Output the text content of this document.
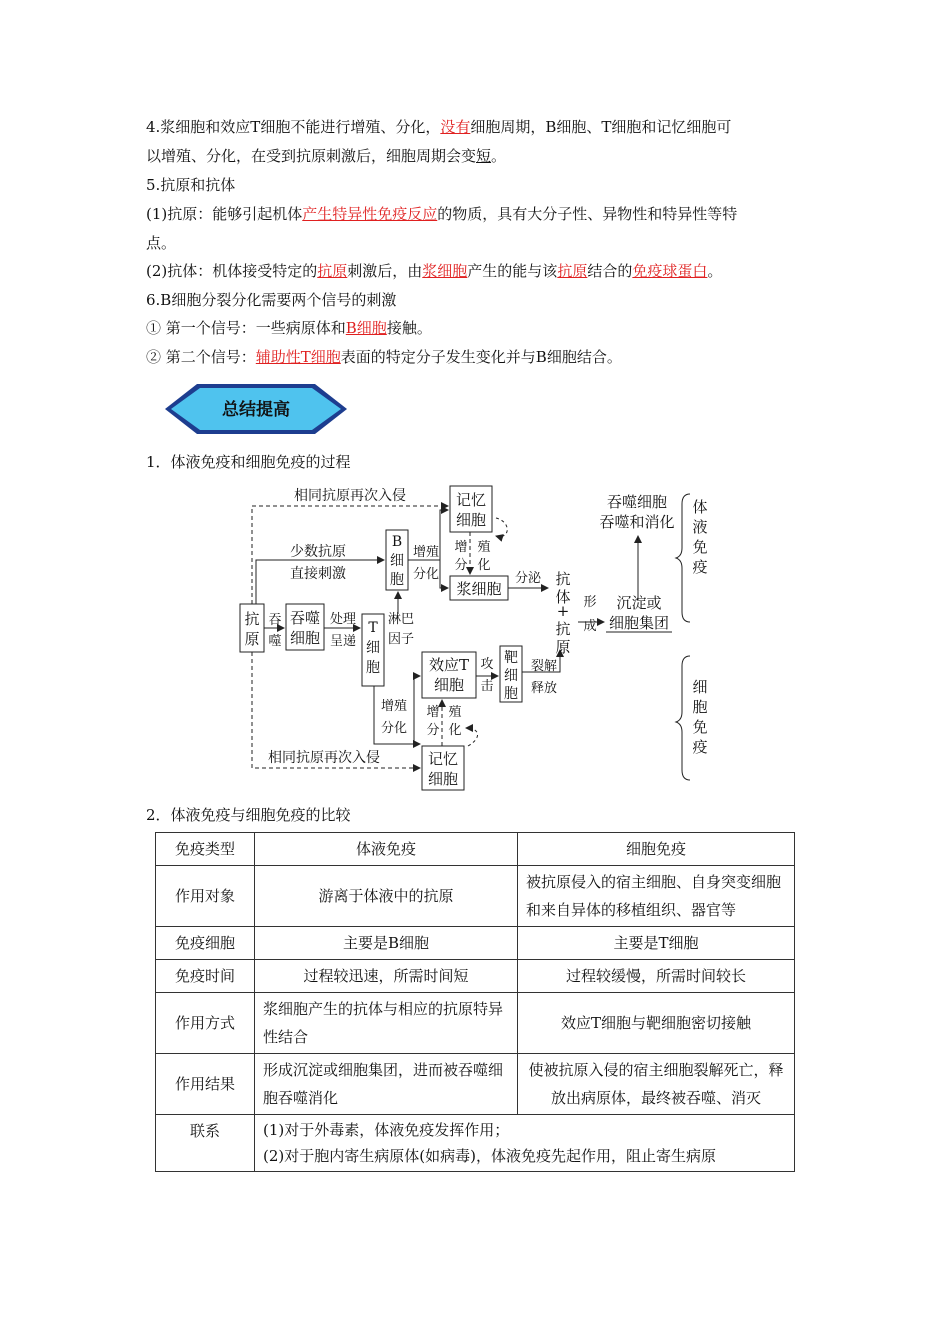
4.浆细胞和效应T细胞不能进行增殖、分化，没有细胞周期，B细胞、T细胞和记忆细胞可
以增殖、分化，在受到抗原刺激后，细胞周期会变短。
5.抗原和抗体
(1)抗原：能够引起机体产生特异性免疫反应的物质，具有大分子性、异物性和特异性等特
点。
(2)抗体：机体接受特定的抗原刺激后，由浆细胞产生的能与该抗原结合的免疫球蛋白。
6.B细胞分裂分化需要两个信号的刺激
① 第一个信号：一些病原体和B细胞接触。
② 第二个信号：辅助性T细胞表面的特定分子发生变化并与B细胞结合。
总结提高
1．体液免疫和细胞免疫的过程
相同抗原再次入侵
少数抗原
直接刺激
记忆
细胞
B
细
胞
增殖
分化
增
分
殖
化
浆细胞
分泌 抗
体
+
抗
原
形
成
沉淀或
细胞集团
吞噬细胞
吞噬和消化
体
液
免
疫
抗
原
吞
噬
吞噬
细胞
处理
呈递
T
细
胞
淋巴
因子
效应T
细胞
攻
击
靶
细
胞
裂解
释放
增殖
分化
增
分
殖
化
记忆
细胞
相同抗原再次入侵
细
胞
免
疫
2．体液免疫与细胞免疫的比较
免疫类型	体液免疫	细胞免疫
作用对象	游离于体液中的抗原	被抗原侵入的宿主细胞、自身突变细胞和来自异体的移植组织、器官等
免疫细胞	主要是B细胞	主要是T细胞
免疫时间	过程较迅速，所需时间短	过程较缓慢，所需时间较长
作用方式	浆细胞产生的抗体与相应的抗原特异性结合	效应T细胞与靶细胞密切接触
作用结果	形成沉淀或细胞集团，进而被吞噬细胞吞噬消化	使被抗原入侵的宿主细胞裂解死亡，释放出病原体，最终被吞噬、消灭
联系	(1)对于外毒素，体液免疫发挥作用；
(2)对于胞内寄生病原体(如病毒)，体液免疫先起作用，阻止寄生病原	
